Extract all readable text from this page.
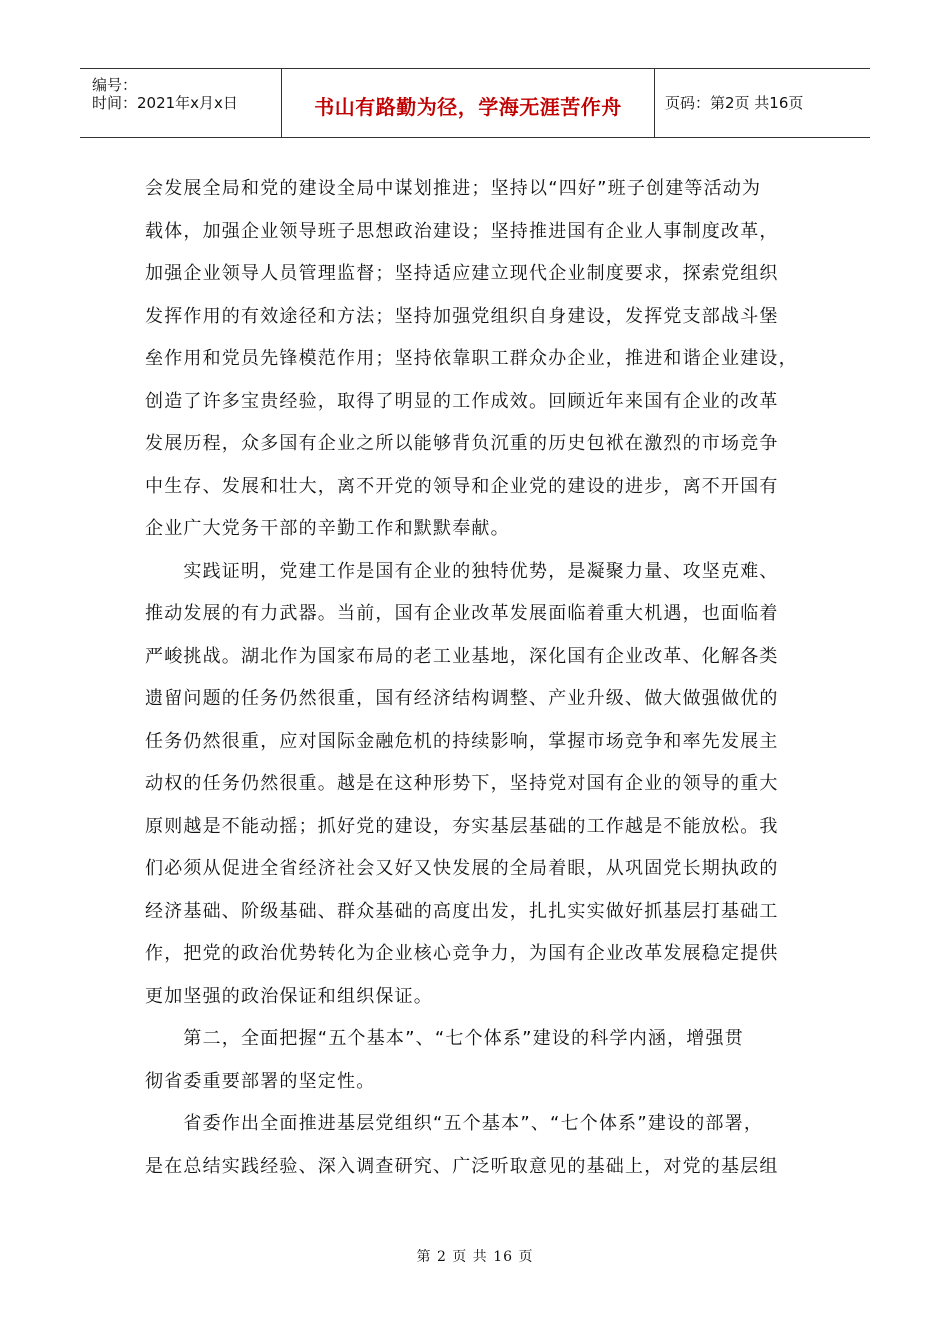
编号：
时间：2021年x月x日	书山有路勤为径，学海无涯苦作舟	页码：第2页 共16页
会发展全局和党的建设全局中谋划推进；坚持以“四好”班子创建等活动为
载体，加强企业领导班子思想政治建设；坚持推进国有企业人事制度改革，
加强企业领导人员管理监督；坚持适应建立现代企业制度要求，探索党组织
发挥作用的有效途径和方法；坚持加强党组织自身建设，发挥党支部战斗堡
垒作用和党员先锋模范作用；坚持依靠职工群众办企业，推进和谐企业建设，
创造了许多宝贵经验，取得了明显的工作成效。回顾近年来国有企业的改革
发展历程，众多国有企业之所以能够背负沉重的历史包袱在激烈的市场竞争
中生存、发展和壮大，离不开党的领导和企业党的建设的进步，离不开国有
企业广大党务干部的辛勤工作和默默奉献。
　　实践证明，党建工作是国有企业的独特优势，是凝聚力量、攻坚克难、
推动发展的有力武器。当前，国有企业改革发展面临着重大机遇，也面临着
严峻挑战。湖北作为国家布局的老工业基地，深化国有企业改革、化解各类
遗留问题的任务仍然很重，国有经济结构调整、产业升级、做大做强做优的
任务仍然很重，应对国际金融危机的持续影响，掌握市场竞争和率先发展主
动权的任务仍然很重。越是在这种形势下，坚持党对国有企业的领导的重大
原则越是不能动摇；抓好党的建设，夯实基层基础的工作越是不能放松。我
们必须从促进全省经济社会又好又快发展的全局着眼，从巩固党长期执政的
经济基础、阶级基础、群众基础的高度出发，扎扎实实做好抓基层打基础工
作，把党的政治优势转化为企业核心竞争力，为国有企业改革发展稳定提供
更加坚强的政治保证和组织保证。
　　第二，全面把握“五个基本”、“七个体系”建设的科学内涵，增强贯
彻省委重要部署的坚定性。
　　省委作出全面推进基层党组织“五个基本”、“七个体系”建设的部署，
是在总结实践经验、深入调查研究、广泛听取意见的基础上，对党的基层组
第 2 页 共 16 页
